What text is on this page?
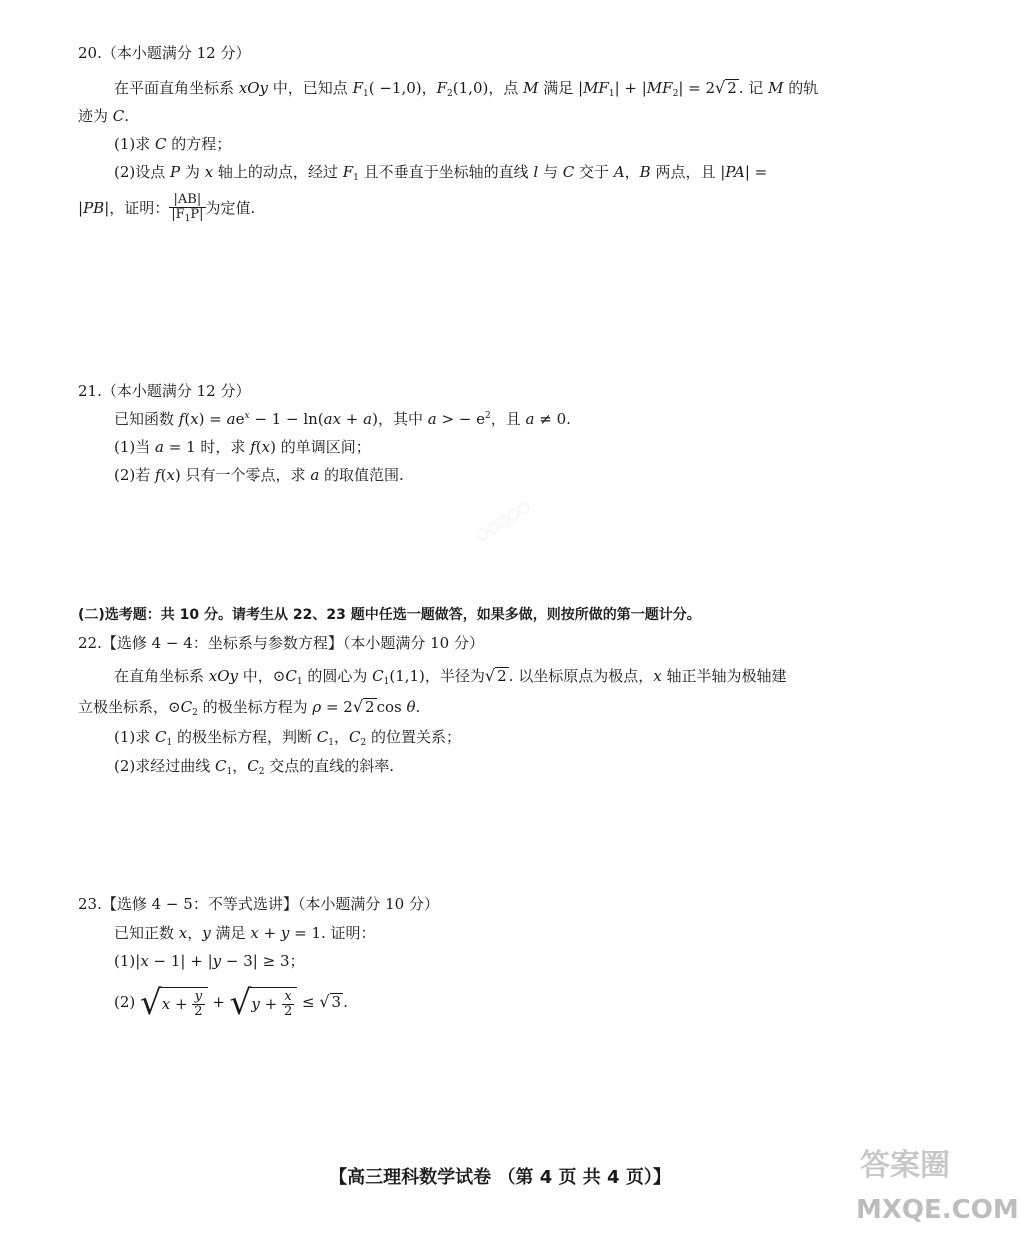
〇〇〇〇〇
20.（本小题满分 12 分）
在平面直角坐标系 xOy 中，已知点 $F_1( -1,0)$，$F_2(1,0)$，点 M 满足 $|MF_1| + |MF_2| = 2√$ 2 . 记 M 的轨
迹为 C.
(1)求 C 的方程；
(2)设点 P 为 x 轴上的动点，经过 $F_1$ 且不垂直于坐标轴的直线 l 与 C 交于 A，B 两点，且 |PA| =
|PB|，证明： $\frac{|AB|}{|F_1P|}$ 为定值.
21.（本小题满分 12 分）
已知函数 $f(x) = ae^x - 1 - \ln(ax + a)$，其中 a > − $e^2$，且 a ≠ 0.
(1)当 a = 1 时，求 f(x) 的单调区间；
(2)若 f(x) 只有一个零点，求 a 的取值范围.
(二)选考题：共 10 分。请考生从 22、23 题中任选一题做答，如果多做，则按所做的第一题计分。
22.【选修 4 − 4：坐标系与参数方程】（本小题满分 10 分）
在直角坐标系 xOy 中，$⊙C_1$ 的圆心为 $C_1(1,1)$，半径为√ 2 . 以坐标原点为极点，x 轴正半轴为极轴建
立极坐标系，$⊙C_2$ 的极坐标方程为 ρ = 2√ 2 cos θ.
(1)求 $C_1$ 的极坐标方程，判断 $C_1$，$C_2$ 的位置关系；
(2)求经过曲线 $C_1$，$C_2$ 交点的直线的斜率.
23.【选修 4 − 5：不等式选讲】（本小题满分 10 分）
已知正数 x，y 满足 x + y = 1. 证明：
(1)|x − 1| + |y − 3| ≥ 3；
(2) $√x + \frac{y}{2} + √y + \frac{x}{2}$ ≤ √ 3 .
【高三理科数学试卷 （第 4 页 共 4 页）】	答案圈
MXQE.COM
